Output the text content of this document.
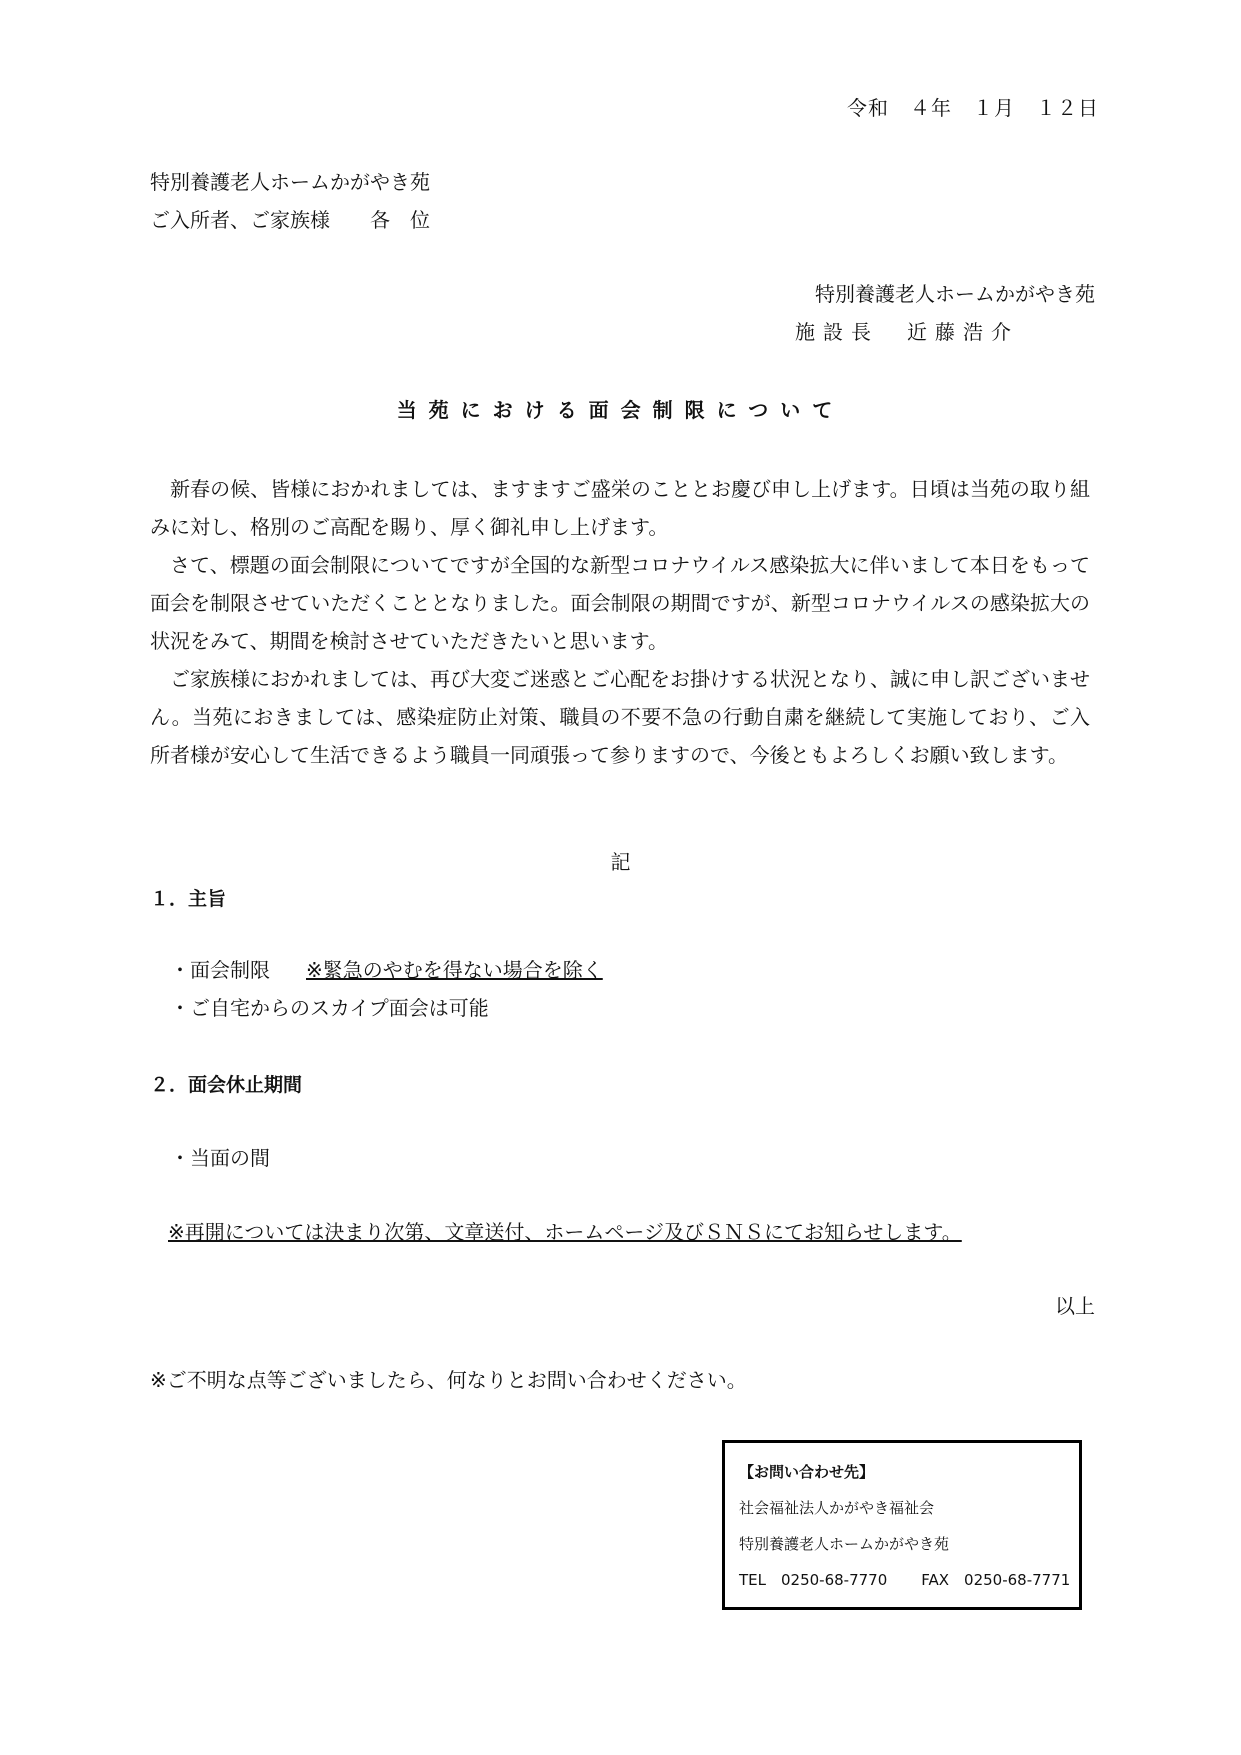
令和　４年　１月　１２日
特別養護老人ホームかがやき苑
ご入所者、ご家族様　　各　位
特別養護老人ホームかがやき苑
施設長　近藤浩介
当苑における面会制限について

新春の候、皆様におかれましては、ますますご盛栄のこととお慶び申し上げます。日頃は当苑の取り組みに対し、格別のご高配を賜り、厚く御礼申し上げます。

さて、標題の面会制限についてですが全国的な新型コロナウイルス感染拡大に伴いまして本日をもって面会を制限させていただくこととなりました。面会制限の期間ですが、新型コロナウイルスの感染拡大の状況をみて、期間を検討させていただきたいと思います。

ご家族様におかれましては、再び大変ご迷惑とご心配をお掛けする状況となり、誠に申し訳ございません。当苑におきましては、感染症防止対策、職員の不要不急の行動自粛を継続して実施しており、ご入所者様が安心して生活できるよう職員一同頑張って参りますので、今後ともよろしくお願い致します。

記
１．主旨
・面会制限 ※緊急のやむを得ない場合を除く
・ご自宅からのスカイプ面会は可能
２．面会休止期間
・当面の間
※再開については決まり次第、文章送付、ホームページ及びＳＮＳにてお知らせします。
以上
※ご不明な点等ございましたら、何なりとお問い合わせください。
【お問い合わせ先】
社会福祉法人かがやき福祉会
特別養護老人ホームかがやき苑
TEL　0250-68-7770 FAX　0250-68-7771
